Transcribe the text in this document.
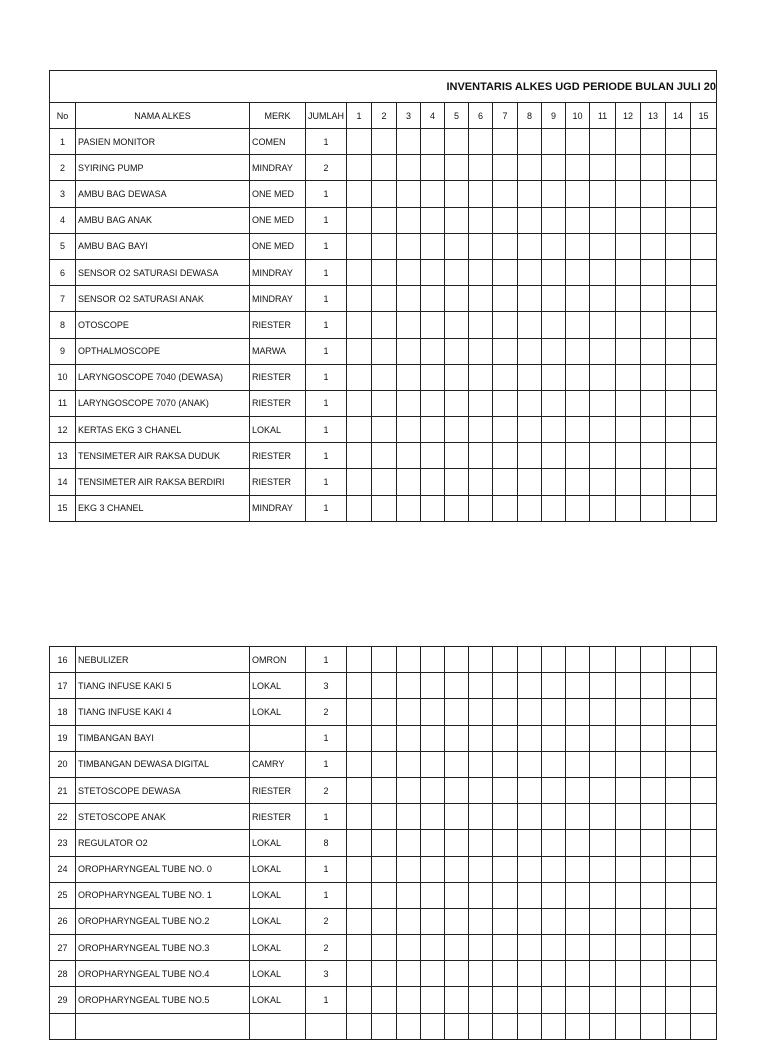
INVENTARIS ALKES UGD PERIODE BULAN JULI 20																		
No	NAMA ALKES	MERK	JUMLAH	1	2	3	4	5	6	7	8	9	10	11	12	13	14	15
1	PASIEN MONITOR	COMEN	1															
2	SYIRING PUMP	MINDRAY	2															
3	AMBU BAG DEWASA	ONE MED	1															
4	AMBU BAG ANAK	ONE MED	1															
5	AMBU BAG BAYI	ONE MED	1															
6	SENSOR O2 SATURASI DEWASA	MINDRAY	1															
7	SENSOR O2 SATURASI ANAK	MINDRAY	1															
8	OTOSCOPE	RIESTER	1															
9	OPTHALMOSCOPE	MARWA	1															
10	LARYNGOSCOPE 7040 (DEWASA)	RIESTER	1															
11	LARYNGOSCOPE 7070 (ANAK)	RIESTER	1															
12	KERTAS EKG 3 CHANEL	LOKAL	1															
13	TENSIMETER AIR RAKSA DUDUK	RIESTER	1															
14	TENSIMETER AIR RAKSA BERDIRI	RIESTER	1															
15	EKG 3 CHANEL	MINDRAY	1															
16	NEBULIZER	OMRON	1															
17	TIANG INFUSE KAKI 5	LOKAL	3															
18	TIANG INFUSE KAKI 4	LOKAL	2															
19	TIMBANGAN BAYI		1															
20	TIMBANGAN DEWASA DIGITAL	CAMRY	1															
21	STETOSCOPE DEWASA	RIESTER	2															
22	STETOSCOPE ANAK	RIESTER	1															
23	REGULATOR O2	LOKAL	8															
24	OROPHARYNGEAL TUBE NO. 0	LOKAL	1															
25	OROPHARYNGEAL TUBE NO. 1	LOKAL	1															
26	OROPHARYNGEAL TUBE NO.2	LOKAL	2															
27	OROPHARYNGEAL TUBE NO.3	LOKAL	2															
28	OROPHARYNGEAL TUBE NO.4	LOKAL	3															
29	OROPHARYNGEAL TUBE NO.5	LOKAL	1															
